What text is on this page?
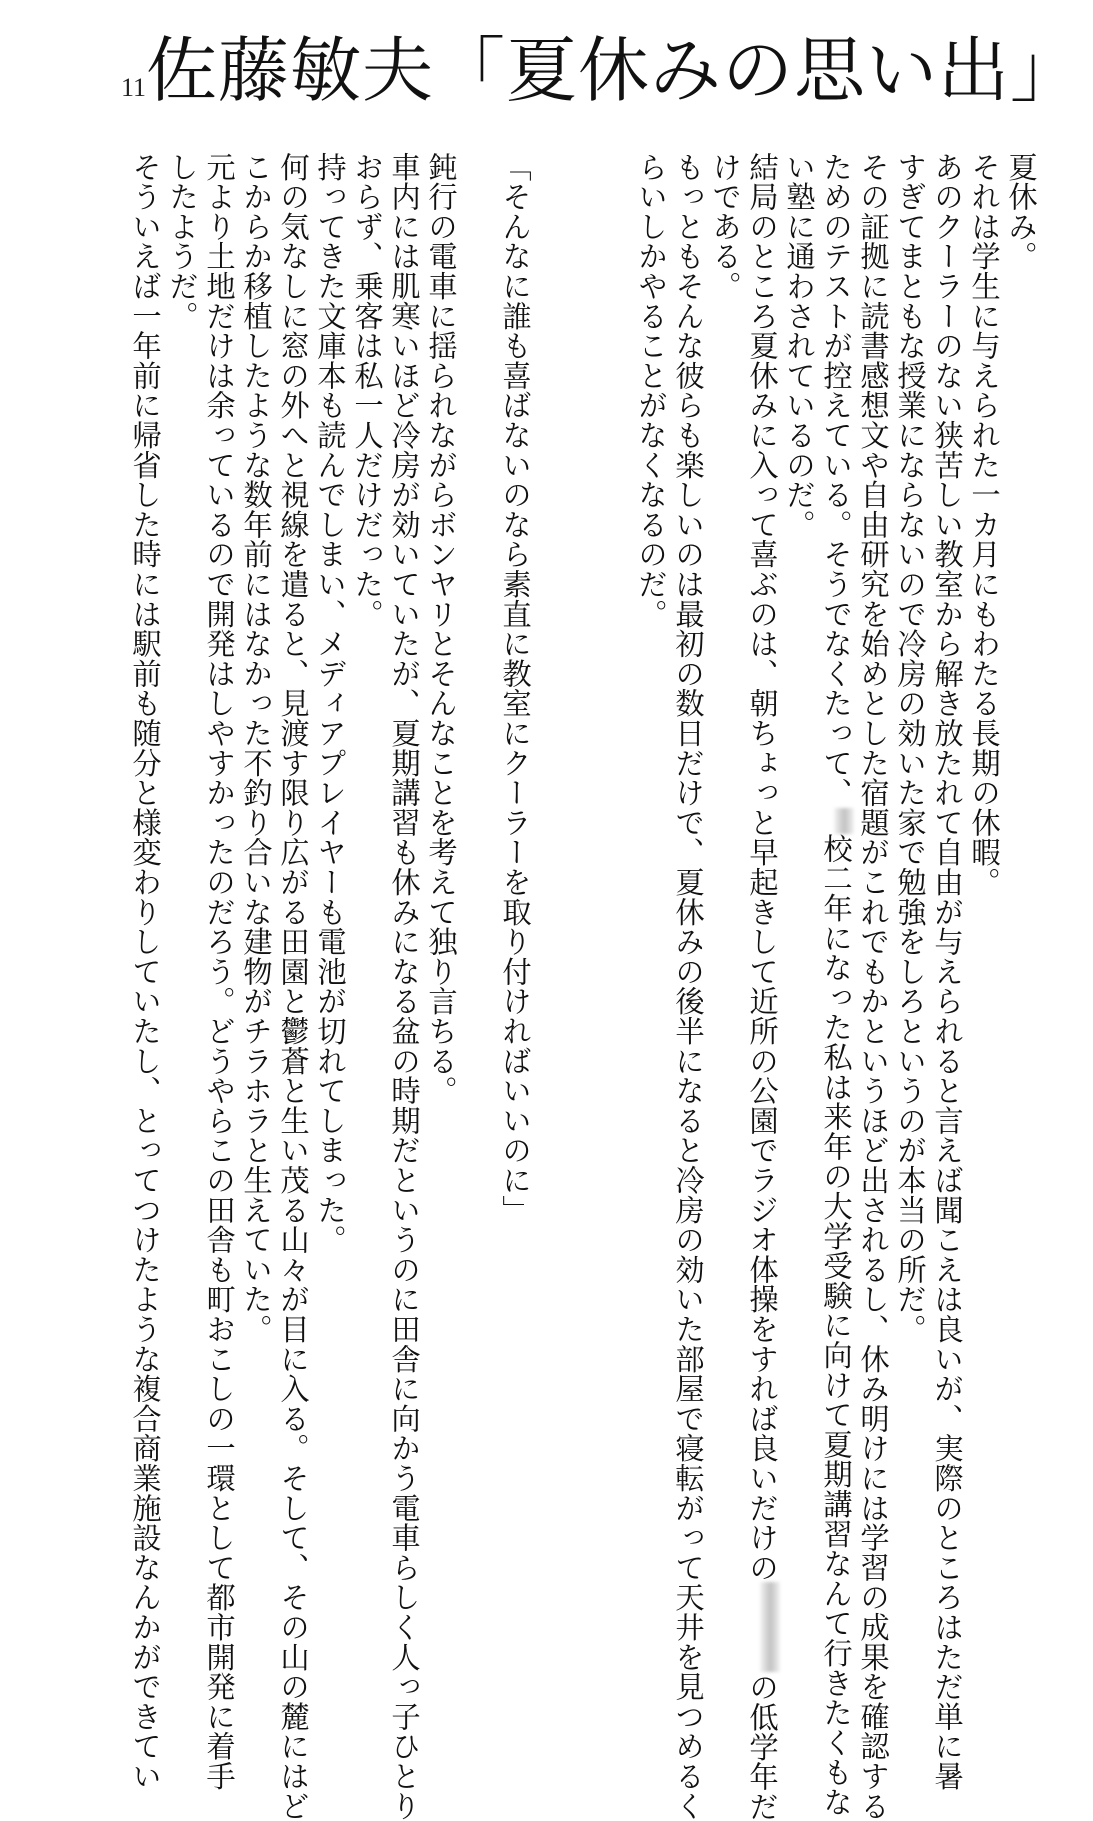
11 佐藤敏夫「夏休みの思い出」
夏休み。
それは学生に与えられた一カ月にもわたる長期の休暇。
あのクーラーのない狭苦しい教室から解き放たれて自由が与えられると言えば聞こえは良いが、実際のところはただ単に暑
すぎてまともな授業にならないので冷房の効いた家で勉強をしろというのが本当の所だ。
その証拠に読書感想文や自由研究を始めとした宿題がこれでもかというほど出されるし、休み明けには学習の成果を確認する
ためのテストが控えている。そうでなくたって、校二年になった私は来年の大学受験に向けて夏期講習なんて行きたくもな
い塾に通わされているのだ。
結局のところ夏休みに入って喜ぶのは、朝ちょっと早起きして近所の公園でラジオ体操をすれば良いだけのの低学年だ
けである。
もっともそんな彼らも楽しいのは最初の数日だけで、夏休みの後半になると冷房の効いた部屋で寝転がって天井を見つめるく
らいしかやることがなくなるのだ。
「そんなに誰も喜ばないのなら素直に教室にクーラーを取り付ければいいのに」
鈍行の電車に揺られながらボンヤリとそんなことを考えて独り言ちる。
車内には肌寒いほど冷房が効いていたが、夏期講習も休みになる盆の時期だというのに田舎に向かう電車らしく人っ子ひとり
おらず、乗客は私一人だけだった。
持ってきた文庫本も読んでしまい、メディアプレイヤーも電池が切れてしまった。
何の気なしに窓の外へと視線を遣ると、見渡す限り広がる田園と鬱蒼と生い茂る山々が目に入る。そして、その山の麓にはど
こからか移植したような数年前にはなかった不釣り合いな建物がチラホラと生えていた。
元より土地だけは余っているので開発はしやすかったのだろう。どうやらこの田舎も町おこしの一環として都市開発に着手
したようだ。
そういえば一年前に帰省した時には駅前も随分と様変わりしていたし、とってつけたような複合商業施設なんかができてい
